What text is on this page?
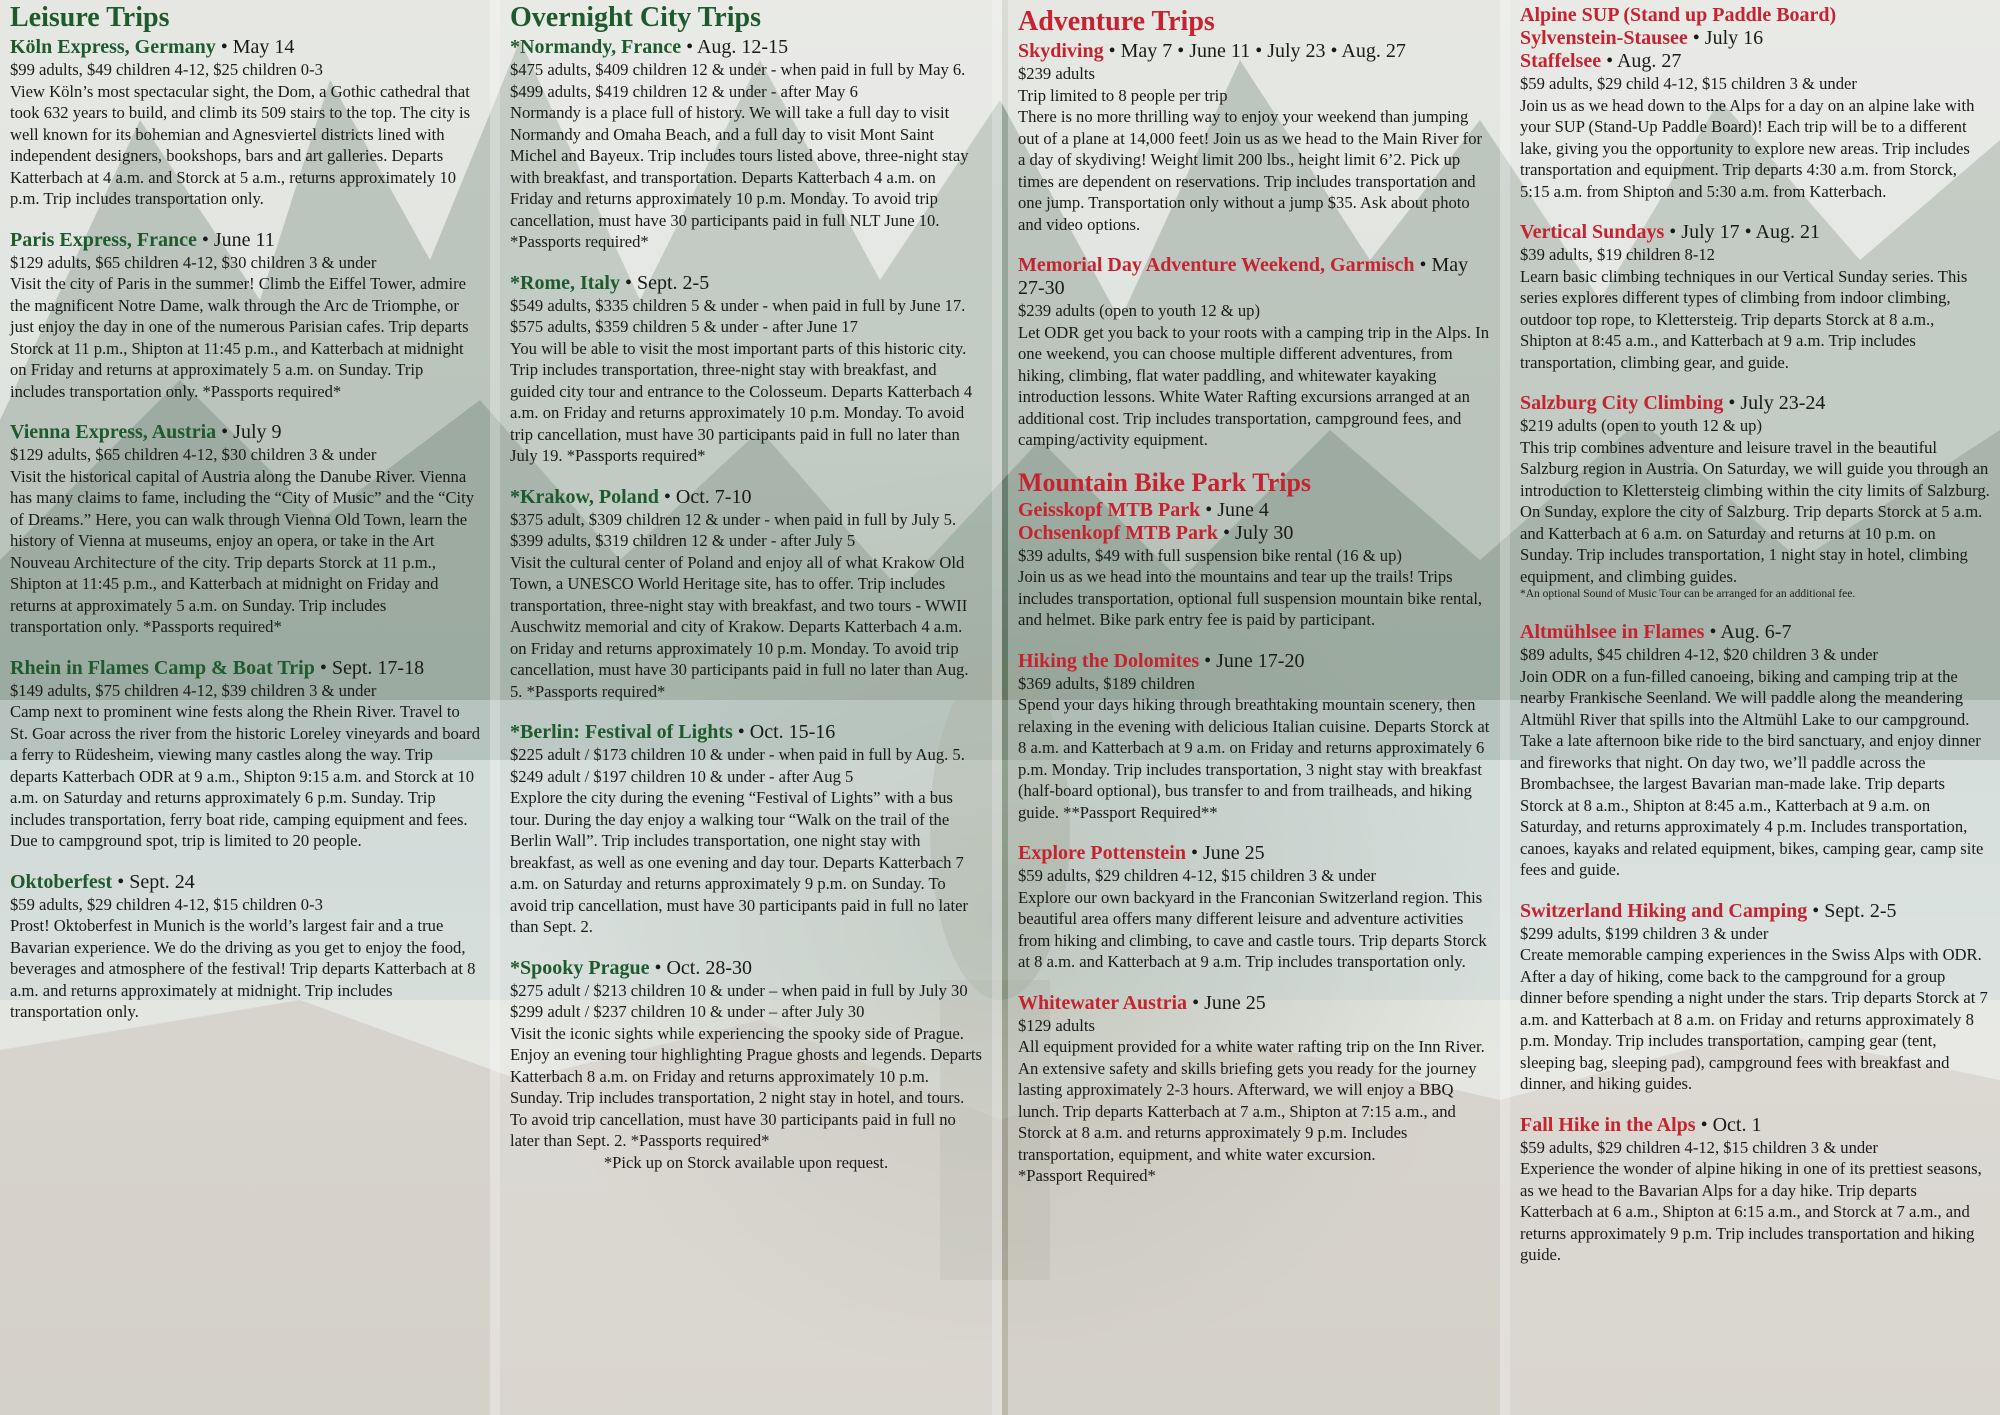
Leisure Trips
Köln Express, Germany • May 14

$99 adults, $49 children 4-12, $25 children 0-3

View Köln’s most spectacular sight, the Dom, a Gothic cathedral that took 632 years to build, and climb its 509 stairs to the top. The city is well known for its bohemian and Agnesviertel districts lined with independent designers, bookshops, bars and art galleries. Departs Katterbach at 4 a.m. and Storck at 5 a.m., returns approximately 10 p.m. Trip includes transportation only.

Paris Express, France • June 11

$129 adults, $65 children 4-12, $30 children 3 & under

Visit the city of Paris in the summer! Climb the Eiffel Tower, admire the magnificent Notre Dame, walk through the Arc de Triomphe, or just enjoy the day in one of the numerous Parisian cafes. Trip departs Storck at 11 p.m., Shipton at 11:45 p.m., and Katterbach at midnight on Friday and returns at approximately 5 a.m. on Sunday. Trip includes transportation only. *Passports required*

Vienna Express, Austria • July 9

$129 adults, $65 children 4-12, $30 children 3 & under

Visit the historical capital of Austria along the Danube River. Vienna has many claims to fame, including the “City of Music” and the “City of Dreams.” Here, you can walk through Vienna Old Town, learn the history of Vienna at museums, enjoy an opera, or take in the Art Nouveau Architecture of the city. Trip departs Storck at 11 p.m., Shipton at 11:45 p.m., and Katterbach at midnight on Friday and returns at approximately 5 a.m. on Sunday. Trip includes transportation only. *Passports required*

Rhein in Flames Camp & Boat Trip • Sept. 17-18

$149 adults, $75 children 4-12, $39 children 3 & under

Camp next to prominent wine fests along the Rhein River. Travel to St. Goar across the river from the historic Loreley vineyards and board a ferry to Rüdesheim, viewing many castles along the way. Trip departs Katterbach ODR at 9 a.m., Shipton 9:15 a.m. and Storck at 10 a.m. on Saturday and returns approximately 6 p.m. Sunday. Trip includes transportation, ferry boat ride, camping equipment and fees. Due to campground spot, trip is limited to 20 people.

Oktoberfest • Sept. 24

$59 adults, $29 children 4-12, $15 children 0-3

Prost! Oktoberfest in Munich is the world’s largest fair and a true Bavarian experience. We do the driving as you get to enjoy the food, beverages and atmosphere of the festival! Trip departs Katterbach at 8 a.m. and returns approximately at midnight. Trip includes transportation only.

Overnight City Trips
*Normandy, France • Aug. 12-15

$475 adults, $409 children 12 & under - when paid in full by May 6.

$499 adults, $419 children 12 & under - after May 6

Normandy is a place full of history. We will take a full day to visit Normandy and Omaha Beach, and a full day to visit Mont Saint Michel and Bayeux. Trip includes tours listed above, three-night stay with breakfast, and transportation. Departs Katterbach 4 a.m. on Friday and returns approximately 10 p.m. Monday. To avoid trip cancellation, must have 30 participants paid in full NLT June 10. *Passports required*

*Rome, Italy • Sept. 2-5

$549 adults, $335 children 5 & under - when paid in full by June 17.

$575 adults, $359 children 5 & under - after June 17

You will be able to visit the most important parts of this historic city. Trip includes transportation, three-night stay with breakfast, and guided city tour and entrance to the Colosseum. Departs Katterbach 4 a.m. on Friday and returns approximately 10 p.m. Monday. To avoid trip cancellation, must have 30 participants paid in full no later than July 19. *Passports required*

*Krakow, Poland • Oct. 7-10

$375 adult, $309 children 12 & under - when paid in full by July 5.

$399 adults, $319 children 12 & under - after July 5

Visit the cultural center of Poland and enjoy all of what Krakow Old Town, a UNESCO World Heritage site, has to offer. Trip includes transportation, three-night stay with breakfast, and two tours - WWII Auschwitz memorial and city of Krakow. Departs Katterbach 4 a.m. on Friday and returns approximately 10 p.m. Monday. To avoid trip cancellation, must have 30 participants paid in full no later than Aug. 5. *Passports required*

*Berlin: Festival of Lights • Oct. 15-16

$225 adult / $173 children 10 & under - when paid in full by Aug. 5.

$249 adult / $197 children 10 & under - after Aug 5

Explore the city during the evening “Festival of Lights” with a bus tour. During the day enjoy a walking tour “Walk on the trail of the Berlin Wall”. Trip includes transportation, one night stay with breakfast, as well as one evening and day tour. Departs Katterbach 7 a.m. on Saturday and returns approximately 9 p.m. on Sunday. To avoid trip cancellation, must have 30 participants paid in full no later than Sept. 2.

*Spooky Prague • Oct. 28-30

$275 adult / $213 children 10 & under – when paid in full by July 30

$299 adult / $237 children 10 & under – after July 30

Visit the iconic sights while experiencing the spooky side of Prague. Enjoy an evening tour highlighting Prague ghosts and legends. Departs Katterbach 8 a.m. on Friday and returns approximately 10 p.m. Sunday. Trip includes transportation, 2 night stay in hotel, and tours. To avoid trip cancellation, must have 30 participants paid in full no later than Sept. 2. *Passports required*

*Pick up on Storck available upon request.
Adventure Trips
Skydiving • May 7 • June 11 • July 23 • Aug. 27

$239 adults

Trip limited to 8 people per trip

There is no more thrilling way to enjoy your weekend than jumping out of a plane at 14,000 feet! Join us as we head to the Main River for a day of skydiving! Weight limit 200 lbs., height limit 6’2. Pick up times are dependent on reservations. Trip includes transportation and one jump. Transportation only without a jump $35. Ask about photo and video options.

Memorial Day Adventure Weekend, Garmisch • May 27-30

$239 adults (open to youth 12 & up)

Let ODR get you back to your roots with a camping trip in the Alps. In one weekend, you can choose multiple different adventures, from hiking, climbing, flat water paddling, and whitewater kayaking introduction lessons. White Water Rafting excursions arranged at an additional cost. Trip includes transportation, campground fees, and camping/activity equipment.

Mountain Bike Park Trips
Geisskopf MTB Park • June 4
Ochsenkopf MTB Park • July 30

$39 adults, $49 with full suspension bike rental (16 & up)

Join us as we head into the mountains and tear up the trails! Trips includes transportation, optional full suspension mountain bike rental, and helmet. Bike park entry fee is paid by participant.

Hiking the Dolomites • June 17-20

$369 adults, $189 children

Spend your days hiking through breathtaking mountain scenery, then relaxing in the evening with delicious Italian cuisine. Departs Storck at 8 a.m. and Katterbach at 9 a.m. on Friday and returns approximately 6 p.m. Monday. Trip includes transportation, 3 night stay with breakfast (half-board optional), bus transfer to and from trailheads, and hiking guide. **Passport Required**

Explore Pottenstein • June 25

$59 adults, $29 children 4-12, $15 children 3 & under

Explore our own backyard in the Franconian Switzerland region. This beautiful area offers many different leisure and adventure activities from hiking and climbing, to cave and castle tours. Trip departs Storck at 8 a.m. and Katterbach at 9 a.m. Trip includes transportation only.

Whitewater Austria • June 25

$129 adults

All equipment provided for a white water rafting trip on the Inn River. An extensive safety and skills briefing gets you ready for the journey lasting approximately 2-3 hours. Afterward, we will enjoy a BBQ lunch. Trip departs Katterbach at 7 a.m., Shipton at 7:15 a.m., and Storck at 8 a.m. and returns approximately 9 p.m. Includes transportation, equipment, and white water excursion.

*Passport Required*

Alpine SUP (Stand up Paddle Board)
Sylvenstein-Stausee • July 16
Staffelsee • Aug. 27

$59 adults, $29 child 4-12, $15 children 3 & under

Join us as we head down to the Alps for a day on an alpine lake with your SUP (Stand-Up Paddle Board)! Each trip will be to a different lake, giving you the opportunity to explore new areas. Trip includes transportation and equipment. Trip departs 4:30 a.m. from Storck, 5:15 a.m. from Shipton and 5:30 a.m. from Katterbach.

Vertical Sundays • July 17 • Aug. 21

$39 adults, $19 children 8-12

Learn basic climbing techniques in our Vertical Sunday series. This series explores different types of climbing from indoor climbing, outdoor top rope, to Klettersteig. Trip departs Storck at 8 a.m., Shipton at 8:45 a.m., and Katterbach at 9 a.m. Trip includes transportation, climbing gear, and guide.

Salzburg City Climbing • July 23-24

$219 adults (open to youth 12 & up)

This trip combines adventure and leisure travel in the beautiful Salzburg region in Austria. On Saturday, we will guide you through an introduction to Klettersteig climbing within the city limits of Salzburg. On Sunday, explore the city of Salzburg. Trip departs Storck at 5 a.m. and Katterbach at 6 a.m. on Saturday and returns at 10 p.m. on Sunday. Trip includes transportation, 1 night stay in hotel, climbing equipment, and climbing guides.

*An optional Sound of Music Tour can be arranged for an additional fee.

Altmühlsee in Flames • Aug. 6-7

$89 adults, $45 children 4-12, $20 children 3 & under

Join ODR on a fun-filled canoeing, biking and camping trip at the nearby Frankische Seenland. We will paddle along the meandering Altmühl River that spills into the Altmühl Lake to our campground. Take a late afternoon bike ride to the bird sanctuary, and enjoy dinner and fireworks that night. On day two, we’ll paddle across the Brombachsee, the largest Bavarian man-made lake. Trip departs Storck at 8 a.m., Shipton at 8:45 a.m., Katterbach at 9 a.m. on Saturday, and returns approximately 4 p.m. Includes transportation, canoes, kayaks and related equipment, bikes, camping gear, camp site fees and guide.

Switzerland Hiking and Camping • Sept. 2-5

$299 adults, $199 children 3 & under

Create memorable camping experiences in the Swiss Alps with ODR. After a day of hiking, come back to the campground for a group dinner before spending a night under the stars. Trip departs Storck at 7 a.m. and Katterbach at 8 a.m. on Friday and returns approximately 8 p.m. Monday. Trip includes transportation, camping gear (tent, sleeping bag, sleeping pad), campground fees with breakfast and dinner, and hiking guides.

Fall Hike in the Alps • Oct. 1

$59 adults, $29 children 4-12, $15 children 3 & under

Experience the wonder of alpine hiking in one of its prettiest seasons, as we head to the Bavarian Alps for a day hike. Trip departs Katterbach at 6 a.m., Shipton at 6:15 a.m., and Storck at 7 a.m., and returns approximately 9 p.m. Trip includes transportation and hiking guide.
